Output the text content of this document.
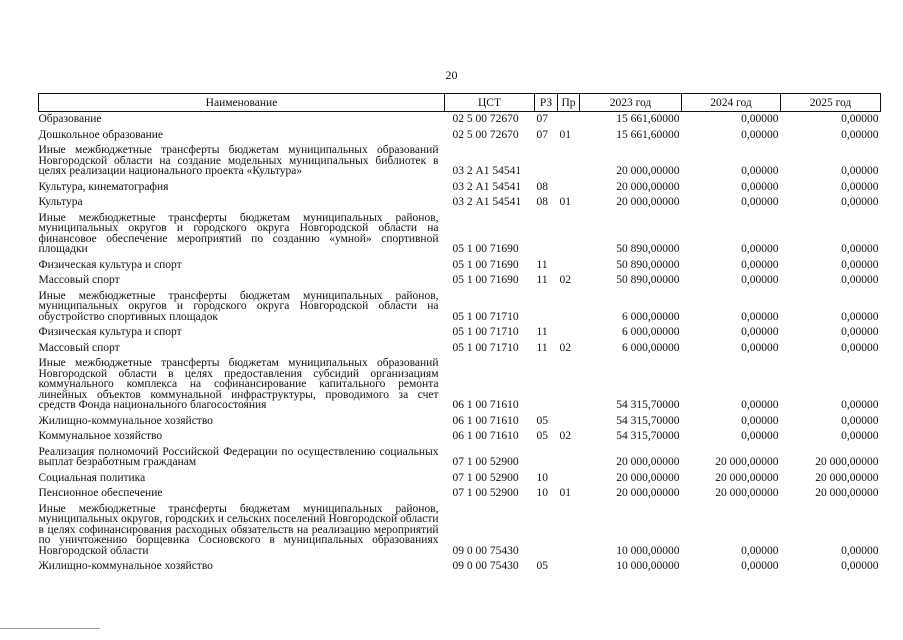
20
Наименование	ЦСТ	РЗ	Пр	2023 год	2024 год	2025 год
Образование	02 5 00 72670	07		15 661,60000	0,00000	0,00000
Дошкольное образование	02 5 00 72670	07	01	15 661,60000	0,00000	0,00000
Иные межбюджетные трансферты бюджетам муниципальных образований Новгородской области на создание модельных муниципальных библиотек в целях реализации национального проекта «Культура»	03 2 А1 54541			20 000,00000	0,00000	0,00000
Культура, кинематография	03 2 А1 54541	08		20 000,00000	0,00000	0,00000
Культура	03 2 А1 54541	08	01	20 000,00000	0,00000	0,00000
Иные межбюджетные трансферты бюджетам муниципальных районов, муниципальных округов и городского округа Новгородской области на финансовое обеспечение мероприятий по созданию «умной» спортивной площадки	05 1 00 71690			50 890,00000	0,00000	0,00000
Физическая культура и спорт	05 1 00 71690	11		50 890,00000	0,00000	0,00000
Массовый спорт	05 1 00 71690	11	02	50 890,00000	0,00000	0,00000
Иные межбюджетные трансферты бюджетам муниципальных районов, муниципальных округов и городского округа Новгородской области на обустройство спортивных площадок	05 1 00 71710			6 000,00000	0,00000	0,00000
Физическая культура и спорт	05 1 00 71710	11		6 000,00000	0,00000	0,00000
Массовый спорт	05 1 00 71710	11	02	6 000,00000	0,00000	0,00000
Иные межбюджетные трансферты бюджетам муниципальных образований Новгородской области в целях предоставления субсидий организациям коммунального комплекса на софинансирование капитального ремонта линейных объектов коммунальной инфраструктуры, проводимого за счет средств Фонда национального благосостояния	06 1 00 71610			54 315,70000	0,00000	0,00000
Жилищно-коммунальное хозяйство	06 1 00 71610	05		54 315,70000	0,00000	0,00000
Коммунальное хозяйство	06 1 00 71610	05	02	54 315,70000	0,00000	0,00000
Реализация полномочий Российской Федерации по осуществлению социальных выплат безработным гражданам	07 1 00 52900			20 000,00000	20 000,00000	20 000,00000
Социальная политика	07 1 00 52900	10		20 000,00000	20 000,00000	20 000,00000
Пенсионное обеспечение	07 1 00 52900	10	01	20 000,00000	20 000,00000	20 000,00000
Иные межбюджетные трансферты бюджетам муниципальных районов, муниципальных округов, городских и сельских поселений Новгородской области в целях софинансирования расходных обязательств на реализацию мероприятий по уничтожению борщевика Сосновского в муниципальных образованиях Новгородской области	09 0 00 75430			10 000,00000	0,00000	0,00000
Жилищно-коммунальное хозяйство	09 0 00 75430	05		10 000,00000	0,00000	0,00000
